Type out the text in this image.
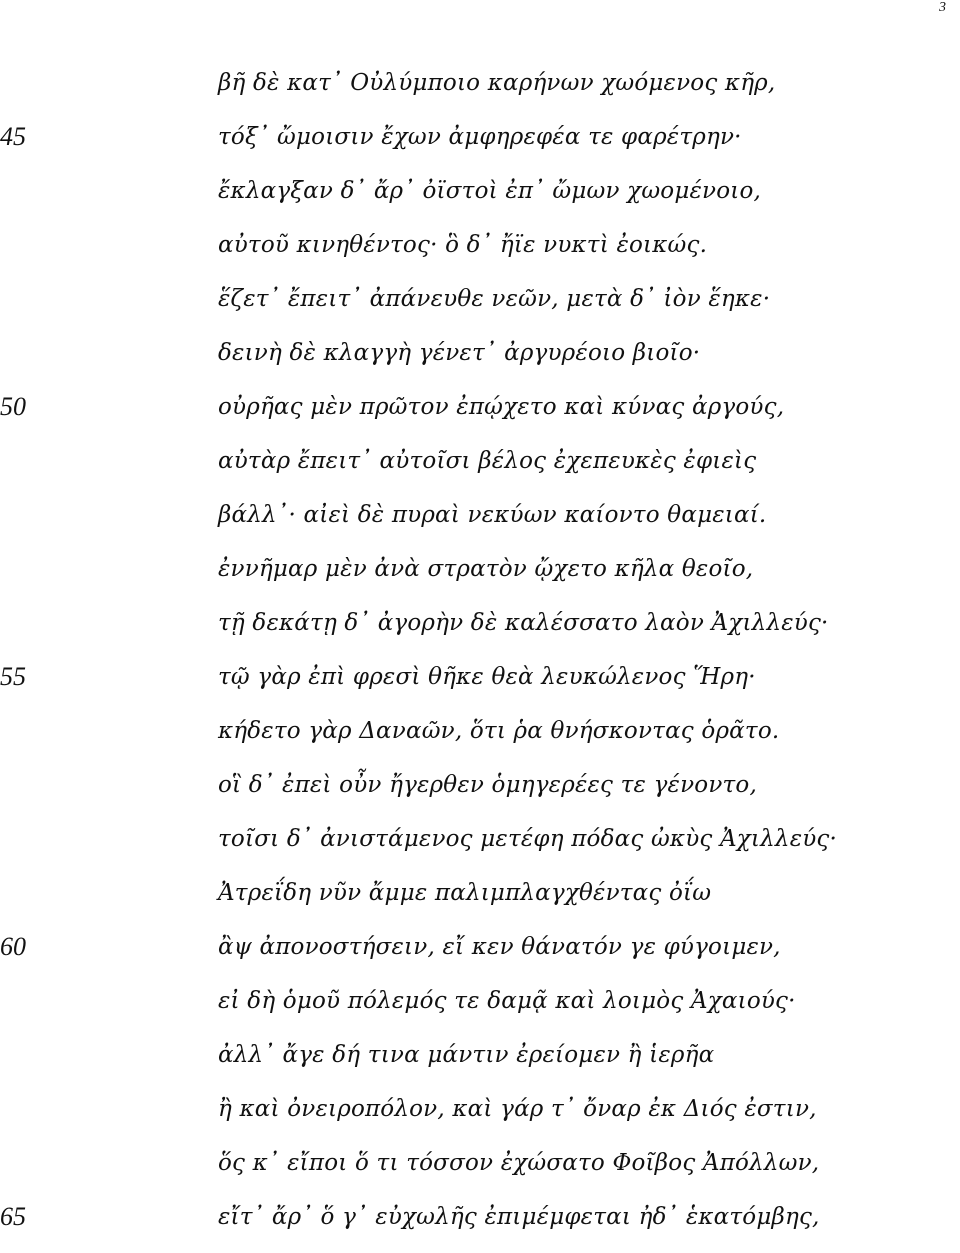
3
βῆ δὲ κατ᾽ Οὐλύμποιο καρήνων χωόμενος κῆρ,
45	τόξ᾽ ὤμοισιν ἔχων ἀμφηρεφέα τε φαρέτρην·
ἔκλαγξαν δ᾽ ἄρ᾽ ὀϊστοὶ ἐπ᾽ ὤμων χωομένοιο,
αὐτοῦ κινηθέντος· ὃ δ᾽ ἤϊε νυκτὶ ἐοικώς.
ἕζετ᾽ ἔπειτ᾽ ἀπάνευθε νεῶν, μετὰ δ᾽ ἰὸν ἕηκε·
δεινὴ δὲ κλαγγὴ γένετ᾽ ἀργυρέοιο βιοῖο·
50	οὐρῆας μὲν πρῶτον ἐπῴχετο καὶ κύνας ἀργούς,
αὐτὰρ ἔπειτ᾽ αὐτοῖσι βέλος ἐχεπευκὲς ἐφιεὶς
βάλλ᾽· αἰεὶ δὲ πυραὶ νεκύων καίοντο θαμειαί.
ἐννῆμαρ μὲν ἀνὰ στρατὸν ᾤχετο κῆλα θεοῖο,
τῇ δεκάτῃ δ᾽ ἀγορὴν δὲ καλέσσατο λαὸν Ἀχιλλεύς·
55	τῷ γὰρ ἐπὶ φρεσὶ θῆκε θεὰ λευκώλενος Ἥρη·
κήδετο γὰρ Δαναῶν, ὅτι ῥα θνήσκοντας ὁρᾶτο.
οἳ δ᾽ ἐπεὶ οὖν ἤγερθεν ὁμηγερέες τε γένοντο,
τοῖσι δ᾽ ἀνιστάμενος μετέφη πόδας ὠκὺς Ἀχιλλεύς·
Ἀτρεΐδη νῦν ἄμμε παλιμπλαγχθέντας ὀΐω
60	ἂψ ἀπονοστήσειν, εἴ κεν θάνατόν γε φύγοιμεν,
εἰ δὴ ὁμοῦ πόλεμός τε δαμᾷ καὶ λοιμὸς Ἀχαιούς·
ἀλλ᾽ ἄγε δή τινα μάντιν ἐρείομεν ἢ ἱερῆα
ἢ καὶ ὀνειροπόλον, καὶ γάρ τ᾽ ὄναρ ἐκ Διός ἐστιν,
ὅς κ᾽ εἴποι ὅ τι τόσσον ἐχώσατο Φοῖβος Ἀπόλλων,
65	εἴτ᾽ ἄρ᾽ ὅ γ᾽ εὐχωλῆς ἐπιμέμφεται ἠδ᾽ ἑκατόμβης,
